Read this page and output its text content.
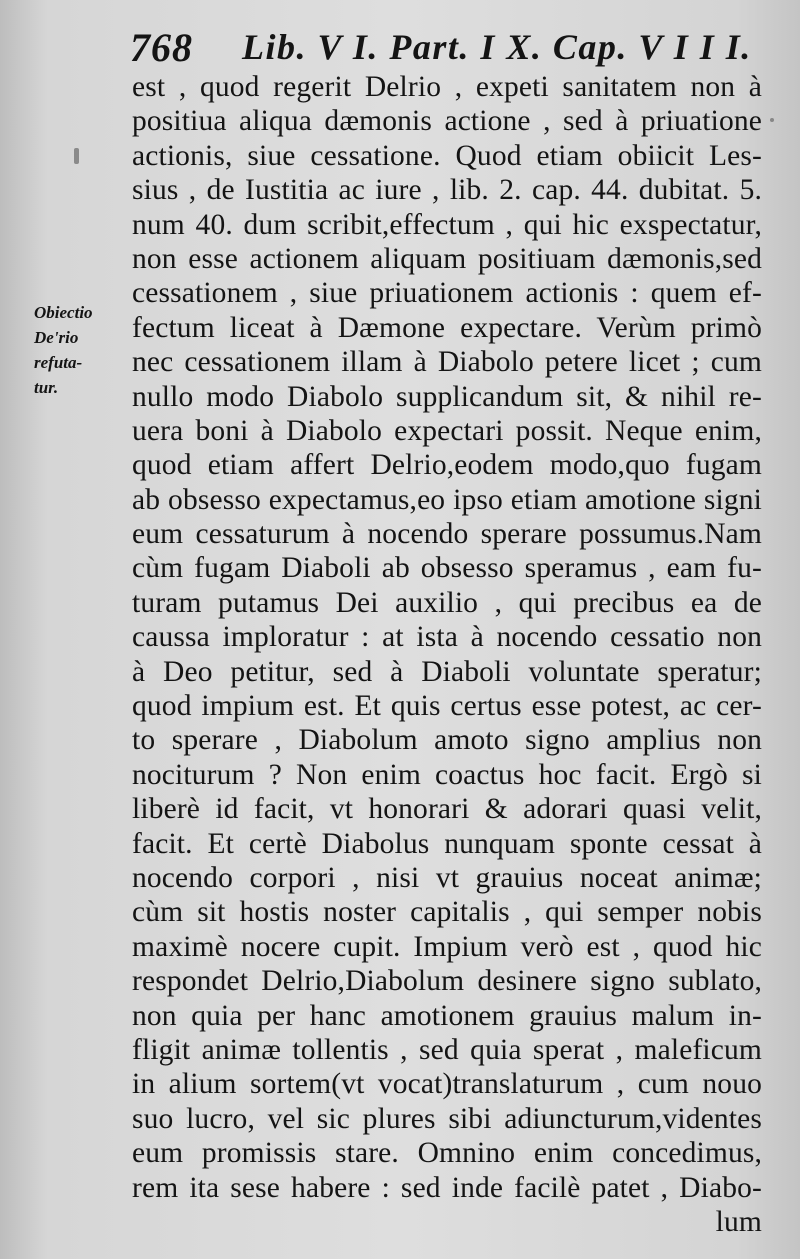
768 Lib. V I. Part. I X. Cap. V I I I.
Obiectio
De'rio
refuta-
tur.
est , quod regerit Delrio , expeti sanitatem non à
positiua aliqua dæmonis actione , sed à priuatione
actionis, siue cessatione. Quod etiam obiicit Les-
sius , de Iustitia ac iure , lib. 2. cap. 44. dubitat. 5.
num 40. dum scribit,effectum , qui hic exspectatur,
non esse actionem aliquam positiuam dæmonis,sed
cessationem , siue priuationem actionis : quem ef-
fectum liceat à Dæmone expectare. Verùm primò
nec cessationem illam à Diabolo petere licet ; cum
nullo modo Diabolo supplicandum sit, & nihil re-
uera boni à Diabolo expectari possit. Neque enim,
quod etiam affert Delrio,eodem modo,quo fugam
ab obsesso expectamus,eo ipso etiam amotione signi
eum cessaturum à nocendo sperare possumus.Nam
cùm fugam Diaboli ab obsesso speramus , eam fu-
turam putamus Dei auxilio , qui precibus ea de
caussa imploratur : at ista à nocendo cessatio non
à Deo petitur, sed à Diaboli voluntate speratur;
quod impium est. Et quis certus esse potest, ac cer-
to sperare , Diabolum amoto signo amplius non
nociturum ? Non enim coactus hoc facit. Ergò si
liberè id facit, vt honorari & adorari quasi velit,
facit. Et certè Diabolus nunquam sponte cessat à
nocendo corpori , nisi vt grauius noceat animæ;
cùm sit hostis noster capitalis , qui semper nobis
maximè nocere cupit. Impium verò est , quod hic
respondet Delrio,Diabolum desinere signo sublato,
non quia per hanc amotionem grauius malum in-
fligit animæ tollentis , sed quia sperat , maleficum
in alium sortem(vt vocat)translaturum , cum nouo
suo lucro, vel sic plures sibi adiuncturum,videntes
eum promissis stare. Omnino enim concedimus,
rem ita sese habere : sed inde facilè patet , Diabo-
lum
